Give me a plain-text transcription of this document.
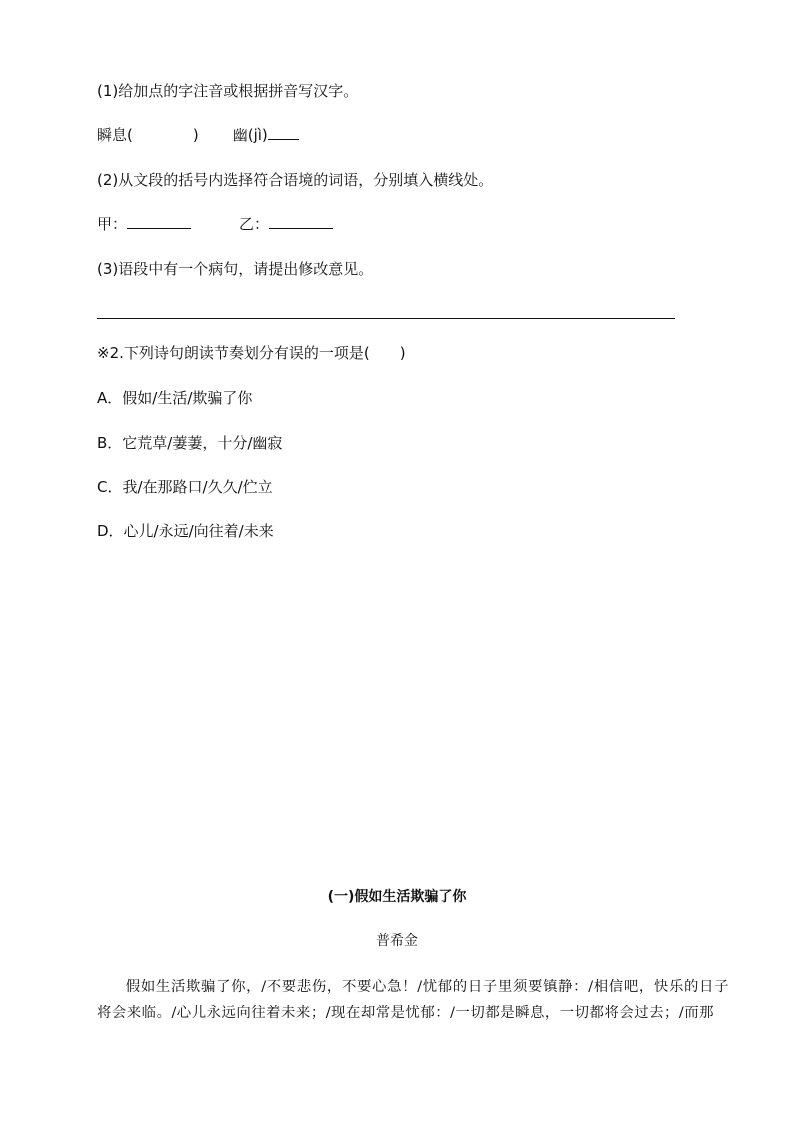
(1)给加点的字注音或根据拼音写汉字。
瞬息(	) 幽(jì)
(2)从文段的括号内选择符合语境的词语，分别填入横线处。
甲：	乙：
(3)语段中有一个病句，请提出修改意见。
※2.下列诗句朗读节奏划分有误的一项是(　　)
A．假如/生活/欺骗了你
B．它荒草/萋萋，十分/幽寂
C．我/在那路口/久久/伫立
D．心儿/永远/向往着/未来
(一)假如生活欺骗了你
普希金
假如生活欺骗了你，/不要悲伤，不要心急！/忧郁的日子里须要镇静：/相信吧，快乐的日子将会来临。/心儿永远向往着未来；/现在却常是忧郁：/一切都是瞬息，一切都将会过去；/而那
